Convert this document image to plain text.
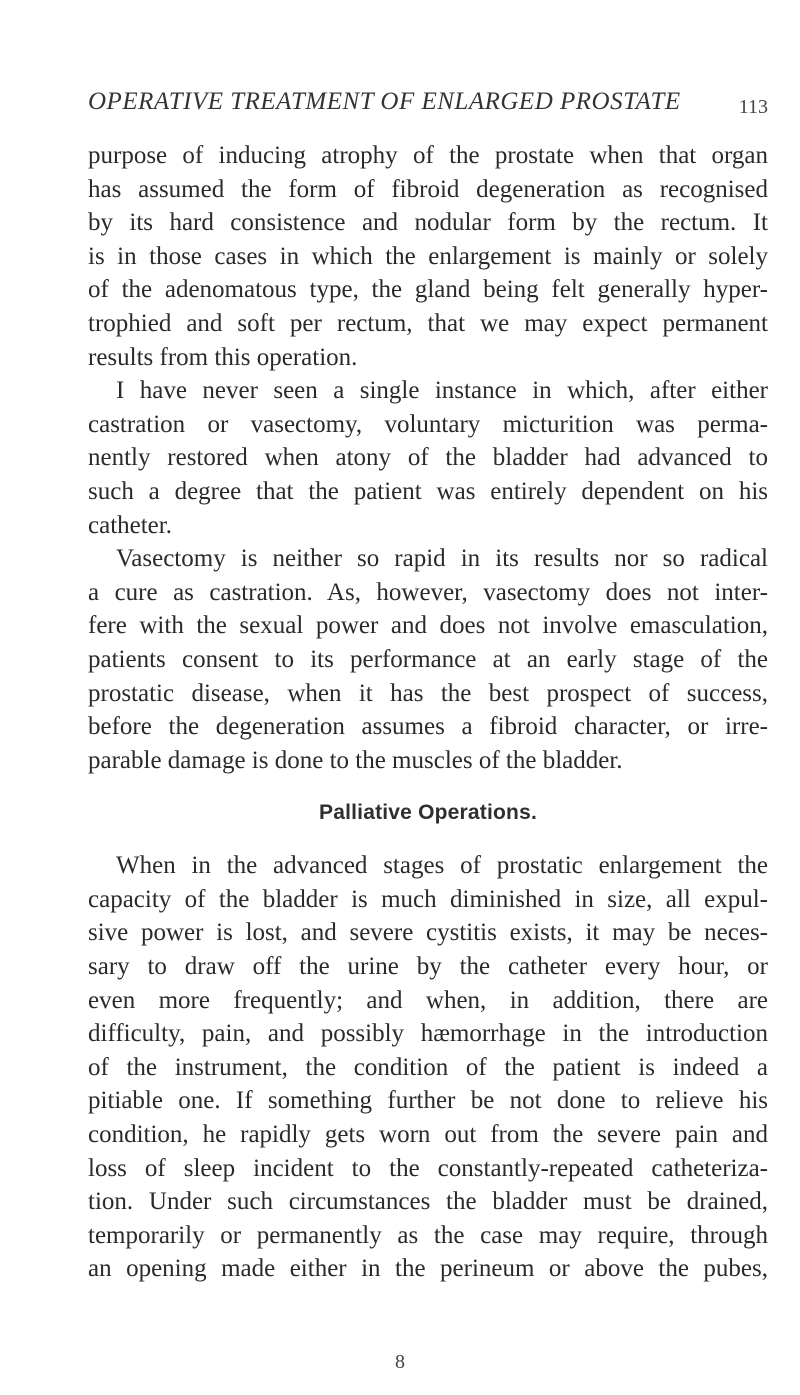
OPERATIVE TREATMENT OF ENLARGED PROSTATE	113
purpose of inducing atrophy of the prostate when that organ
has assumed the form of fibroid degeneration as recognised
by its hard consistence and nodular form by the rectum. It
is in those cases in which the enlargement is mainly or solely
of the adenomatous type, the gland being felt generally hyper-
trophied and soft per rectum, that we may expect permanent
results from this operation.
I have never seen a single instance in which, after either
castration or vasectomy, voluntary micturition was perma-
nently restored when atony of the bladder had advanced to
such a degree that the patient was entirely dependent on his
catheter.
Vasectomy is neither so rapid in its results nor so radical
a cure as castration. As, however, vasectomy does not inter-
fere with the sexual power and does not involve emasculation,
patients consent to its performance at an early stage of the
prostatic disease, when it has the best prospect of success,
before the degeneration assumes a fibroid character, or irre-
parable damage is done to the muscles of the bladder.
Palliative Operations.
When in the advanced stages of prostatic enlargement the
capacity of the bladder is much diminished in size, all expul-
sive power is lost, and severe cystitis exists, it may be neces-
sary to draw off the urine by the catheter every hour, or
even more frequently; and when, in addition, there are
difficulty, pain, and possibly hæmorrhage in the introduction
of the instrument, the condition of the patient is indeed a
pitiable one. If something further be not done to relieve his
condition, he rapidly gets worn out from the severe pain and
loss of sleep incident to the constantly-repeated catheteriza-
tion. Under such circumstances the bladder must be drained,
temporarily or permanently as the case may require, through
an opening made either in the perineum or above the pubes,
8
